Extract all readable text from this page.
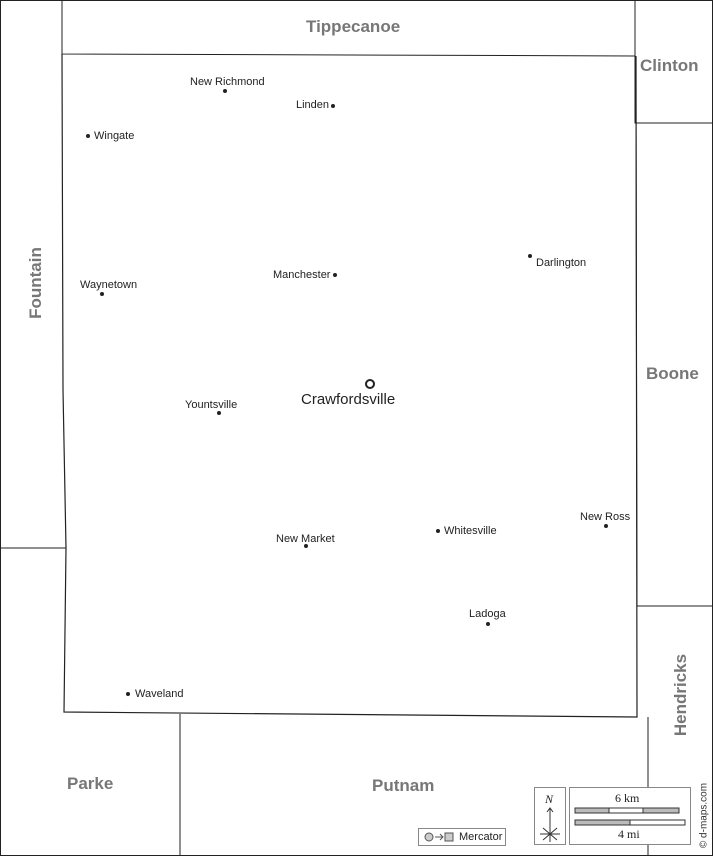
Tippecanoe
Clinton
Fountain
Boone
Hendricks
Parke	Putnam
Crawfordsville
New Richmond
Linden
Wingate
Darlington
Manchester
Waynetown
Yountsville
New Ross
Whitesville
New Market
Ladoga
Waveland
Mercator
N	6 km
4 mi	© d-maps.com
